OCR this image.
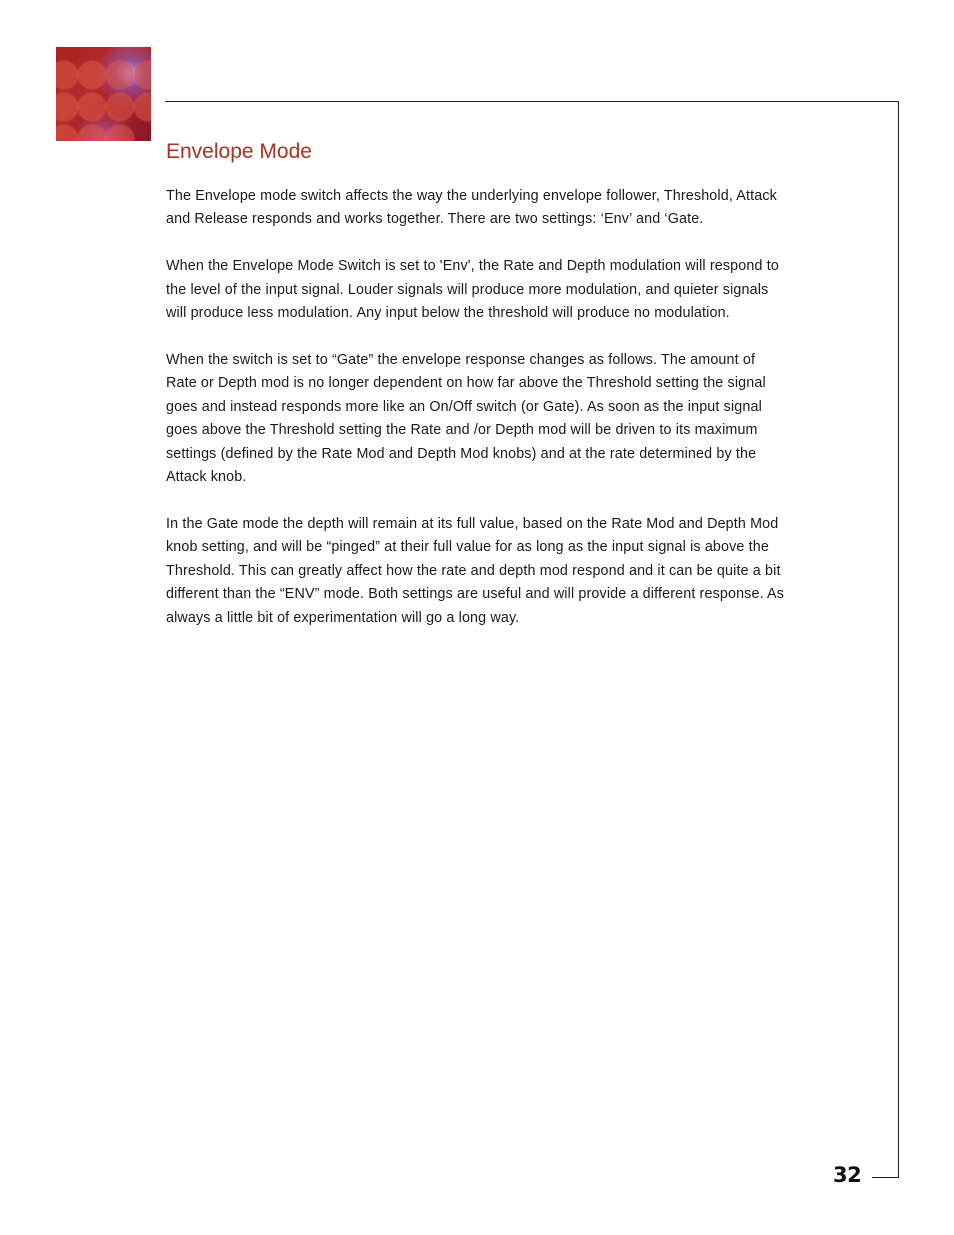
Envelope Mode

The Envelope mode switch affects the way the underlying envelope follower, Threshold, Attack and Release responds and works together. There are two settings: ‘Env’ and ‘Gate.

When the Envelope Mode Switch is set to 'Env', the Rate and Depth modulation will respond to the level of the input signal. Louder signals will produce more modulation, and quieter signals will produce less modulation. Any input below the threshold will produce no modulation.

When the switch is set to “Gate” the envelope response changes as follows. The amount of Rate or Depth mod is no longer dependent on how far above the Threshold setting the signal goes and instead responds more like an On/Off switch (or Gate). As soon as the input signal goes above the Threshold setting the Rate and /or Depth mod will be driven to its maximum settings (defined by the Rate Mod and Depth Mod knobs) and at the rate determined by the Attack knob.

In the Gate mode the depth will remain at its full value, based on the Rate Mod and Depth Mod knob setting, and will be “pinged” at their full value for as long as the input signal is above the Threshold. This can greatly affect how the rate and depth mod respond and it can be quite a bit different than the “ENV” mode. Both settings are useful and will provide a different response. As always a little bit of experimentation will go a long way.

32
